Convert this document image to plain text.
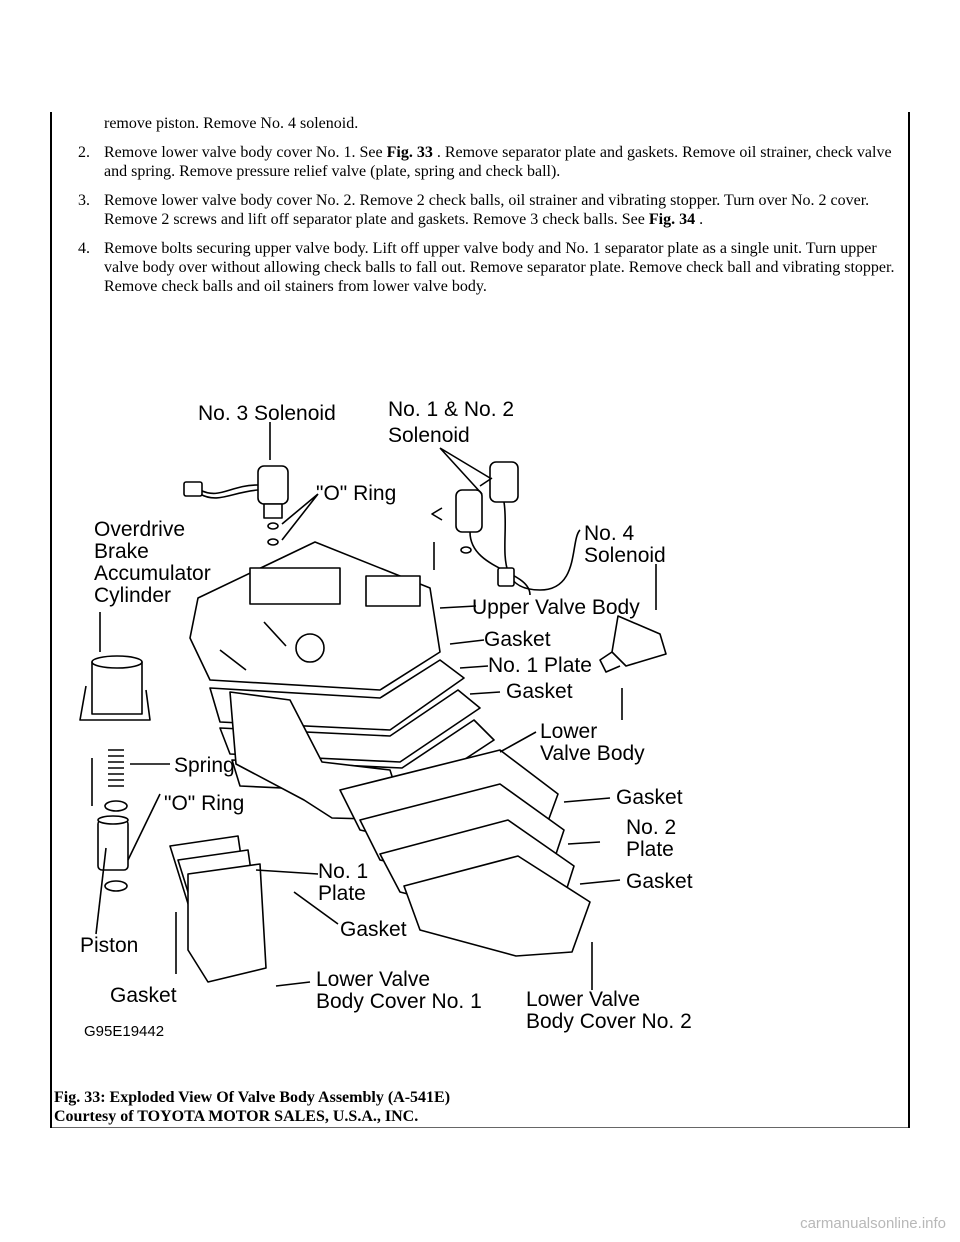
remove piston. Remove No. 4 solenoid.

2. Remove lower valve body cover No. 1. See Fig. 33 . Remove separator plate and gaskets. Remove oil strainer, check valve and spring. Remove pressure relief valve (plate, spring and check ball).
3. Remove lower valve body cover No. 2. Remove 2 check balls, oil strainer and vibrating stopper. Turn over No. 2 cover. Remove 2 screws and lift off separator plate and gaskets. Remove 3 check balls. See Fig. 34 .
4. Remove bolts securing upper valve body. Lift off upper valve body and No. 1 separator plate as a single unit. Turn upper valve body over without allowing check balls to fall out. Remove separator plate. Remove check ball and vibrating stopper. Remove check balls and oil stainers from lower valve body.
No. 3 Solenoid No. 1 & No. 2
Solenoid
"O" Ring
Overdrive
Brake
Accumulator
Cylinder
No. 4
Solenoid
Upper Valve Body
Gasket
No. 1 Plate
Gasket
Lower
Valve Body
Spring
"O" Ring	Gasket
No. 2
Plate
No. 1
Plate
Gasket
Gasket
Piston
Lower Valve
Body Cover No. 1
Gasket	Lower Valve
Body Cover No. 2
G95E19442
Fig. 33: Exploded View Of Valve Body Assembly (A-541E)
Courtesy of TOYOTA MOTOR SALES, U.S.A., INC.
carmanualsonline.info
